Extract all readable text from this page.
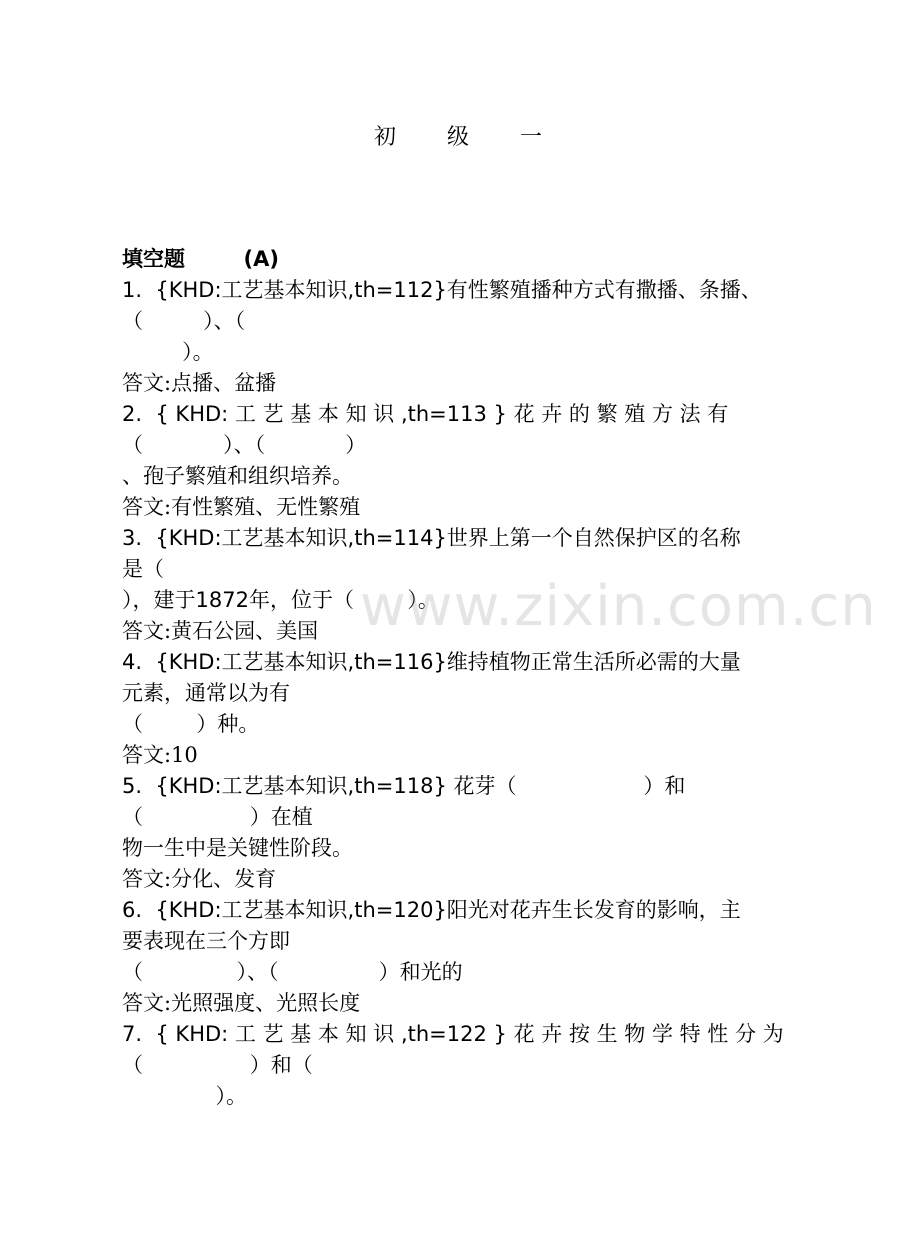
初 级 一
填空题        (A)
1.  {KHD:工艺基本知识,th=112}有性繁殖播种方式有撒播、条播、
（         ）、（
）。
答文:点播、盆播
2.  { KHD: 工 艺 基 本 知 识 ,th=113 } 花 卉 的 繁 殖 方 法 有
（            ）、（            ）
、孢子繁殖和组织培养。
答文:有性繁殖、无性繁殖
3.  {KHD:工艺基本知识,th=114}世界上第一个自然保护区的名称
是（
），建于1872年，位于（        ）。
答文:黄石公园、美国
4.  {KHD:工艺基本知识,th=116}维持植物正常生活所必需的大量
元素，通常以为有
（        ）种。
答文:10
5.  {KHD:工艺基本知识,th=118} 花芽（                   ）和
（                ）在植
物一生中是关键性阶段。
答文:分化、发育
6.  {KHD:工艺基本知识,th=120}阳光对花卉生长发育的影响，主
要表现在三个方即
（              ）、（               ）和光的
答文:光照强度、光照长度
7.  { KHD: 工 艺 基 本 知 识 ,th=122 } 花 卉 按 生 物 学 特 性 分 为
（                ）和（
）。
www.zixin.com.cn
